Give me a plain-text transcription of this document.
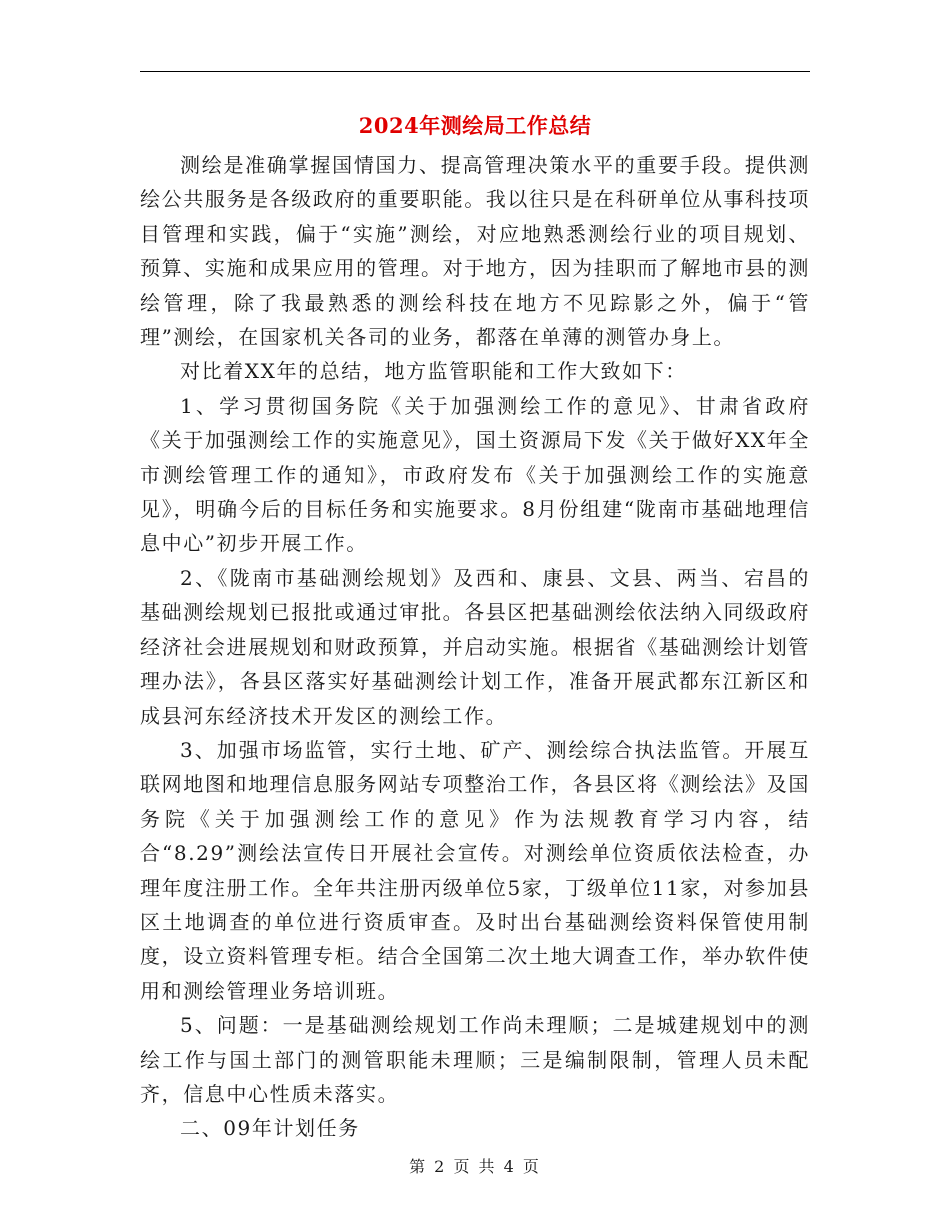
2024年测绘局工作总结

测绘是准确掌握国情国力、提高管理决策水平的重要手段。提供测绘公共服务是各级政府的重要职能。我以往只是在科研单位从事科技项目管理和实践，偏于“实施”测绘，对应地熟悉测绘行业的项目规划、预算、实施和成果应用的管理。对于地方，因为挂职而了解地市县的测绘管理，除了我最熟悉的测绘科技在地方不见踪影之外，偏于“管理”测绘，在国家机关各司的业务，都落在单薄的测管办身上。

对比着XX年的总结，地方监管职能和工作大致如下：

1、学习贯彻国务院《关于加强测绘工作的意见》、甘肃省政府《关于加强测绘工作的实施意见》，国土资源局下发《关于做好XX年全市测绘管理工作的通知》，市政府发布《关于加强测绘工作的实施意见》，明确今后的目标任务和实施要求。8月份组建“陇南市基础地理信息中心”初步开展工作。

2、《陇南市基础测绘规划》及西和、康县、文县、两当、宕昌的基础测绘规划已报批或通过审批。各县区把基础测绘依法纳入同级政府经济社会进展规划和财政预算，并启动实施。根据省《基础测绘计划管理办法》，各县区落实好基础测绘计划工作，准备开展武都东江新区和成县河东经济技术开发区的测绘工作。

3、加强市场监管，实行土地、矿产、测绘综合执法监管。开展互联网地图和地理信息服务网站专项整治工作，各县区将《测绘法》及国务院《关于加强测绘工作的意见》作为法规教育学习内容，结合“8.29”测绘法宣传日开展社会宣传。对测绘单位资质依法检查，办理年度注册工作。全年共注册丙级单位5家，丁级单位11家，对参加县区土地调查的单位进行资质审查。及时出台基础测绘资料保管使用制度，设立资料管理专柜。结合全国第二次土地大调查工作，举办软件使用和测绘管理业务培训班。

5、问题：一是基础测绘规划工作尚未理顺；二是城建规划中的测绘工作与国土部门的测管职能未理顺；三是编制限制，管理人员未配齐，信息中心性质未落实。

二、09年计划任务

第 2 页 共 4 页
